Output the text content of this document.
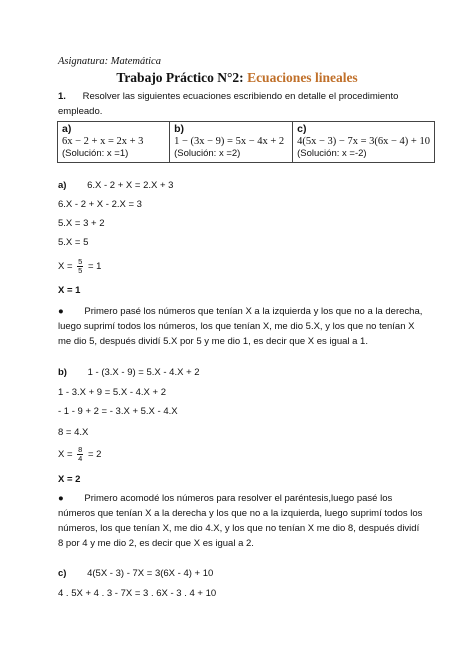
Asignatura: Matemática
Trabajo Práctico N°2: Ecuaciones lineales
1. Resolver las siguientes ecuaciones escribiendo en detalle el procedimiento empleado.
a)
6x − 2 + x = 2x + 3
(Solución: x =1)

b)
1 − (3x − 9) = 5x − 4x + 2
(Solución: x =2)

c)
4(5x − 3) − 7x = 3(6x − 4) + 10
(Solución: x =-2)
a) 6.X - 2 + X = 2.X + 3
6.X - 2 + X - 2.X = 3
5.X = 3 + 2
5.X = 5
$X = \frac{5}{5} = 1$
X = 1
● Primero pasé los números que tenían X a la izquierda y los que no a la derecha, luego suprimí todos los números, los que tenían X, me dio 5.X, y los que no tenían X me dio 5, después dividí 5.X por 5 y me dio 1, es decir que X es igual a 1.
b) 1 - (3.X - 9) = 5.X - 4.X + 2
1 - 3.X + 9 = 5.X - 4.X + 2
- 1 - 9 + 2 = - 3.X + 5.X - 4.X
8 = 4.X
$X = \frac{8}{4} = 2$
X = 2
● Primero acomodé los números para resolver el paréntesis,luego pasé los números que tenían X a la derecha y los que no a la izquierda, luego suprimí todos los números, los que tenían X, me dio 4.X, y los que no tenían X me dio 8, después dividí 8 por 4 y me dio 2, es decir que X es igual a 2.
c) 4(5X - 3) - 7X = 3(6X - 4) + 10
4 . 5X + 4 . 3 - 7X = 3 . 6X - 3 . 4 + 10
